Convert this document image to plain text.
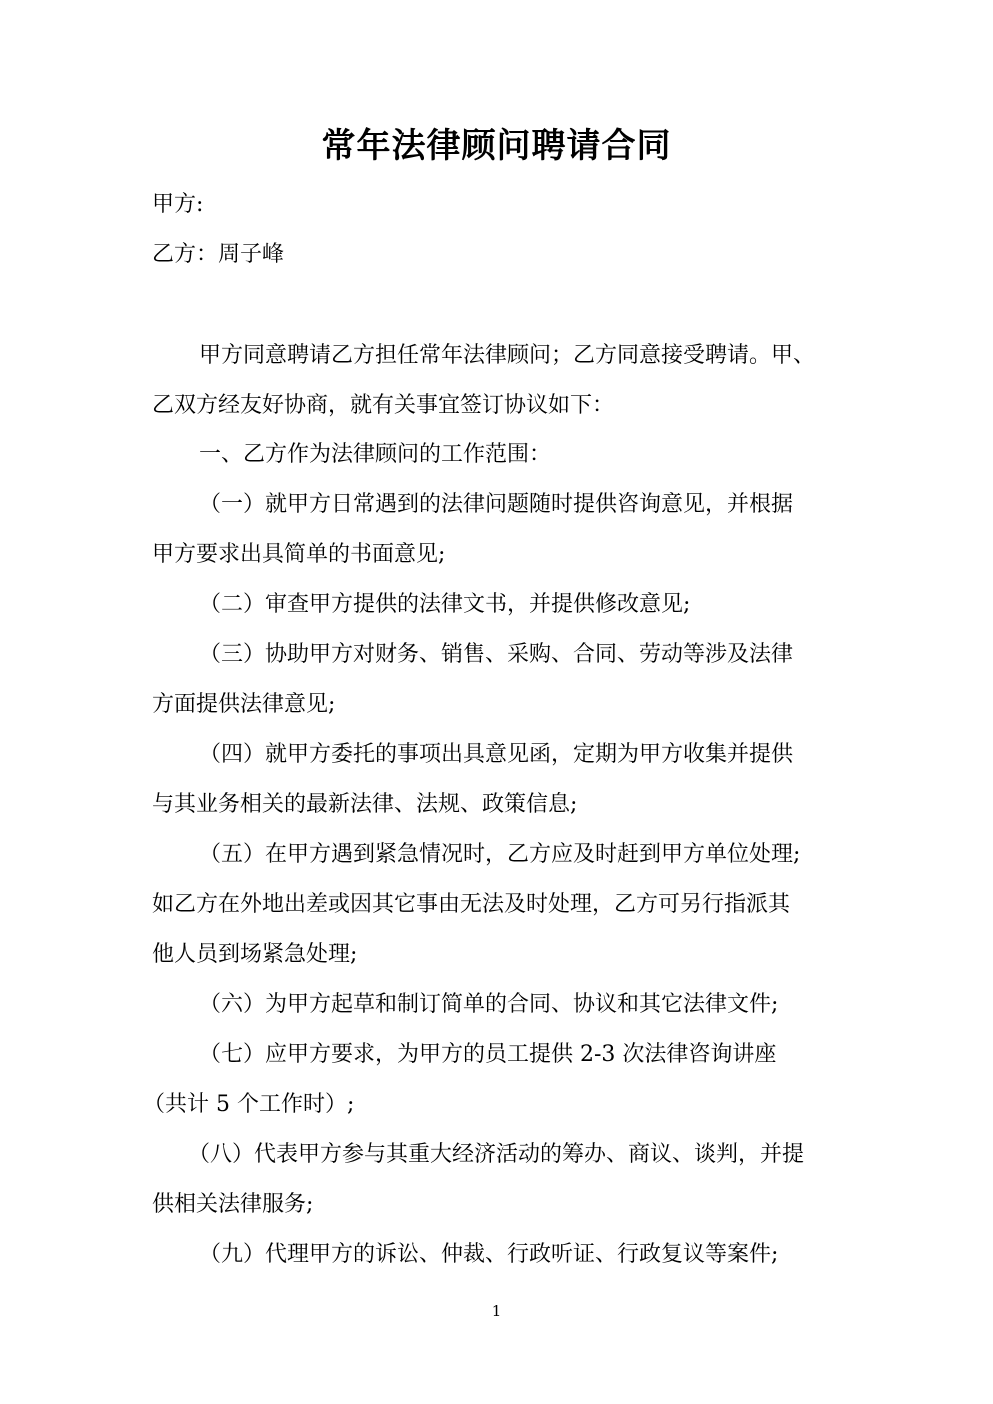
常年法律顾问聘请合同
甲方:
乙方：周子峰
甲方同意聘请乙方担任常年法律顾问；乙方同意接受聘请。甲、
乙双方经友好协商，就有关事宜签订协议如下：
一、乙方作为法律顾问的工作范围：
（一）就甲方日常遇到的法律问题随时提供咨询意见，并根据
甲方要求出具简单的书面意见;
（二）审查甲方提供的法律文书，并提供修改意见;
（三）协助甲方对财务、销售、采购、合同、劳动等涉及法律
方面提供法律意见;
（四）就甲方委托的事项出具意见函，定期为甲方收集并提供
与其业务相关的最新法律、法规、政策信息;
（五）在甲方遇到紧急情况时，乙方应及时赶到甲方单位处理;
如乙方在外地出差或因其它事由无法及时处理，乙方可另行指派其
他人员到场紧急处理;
（六）为甲方起草和制订简单的合同、协议和其它法律文件;
（七）应甲方要求，为甲方的员工提供 2-3 次法律咨询讲座
（共计 5 个工作时）;
（八）代表甲方参与其重大经济活动的筹办、商议、谈判，并提
供相关法律服务;
（九）代理甲方的诉讼、仲裁、行政听证、行政复议等案件;
1
